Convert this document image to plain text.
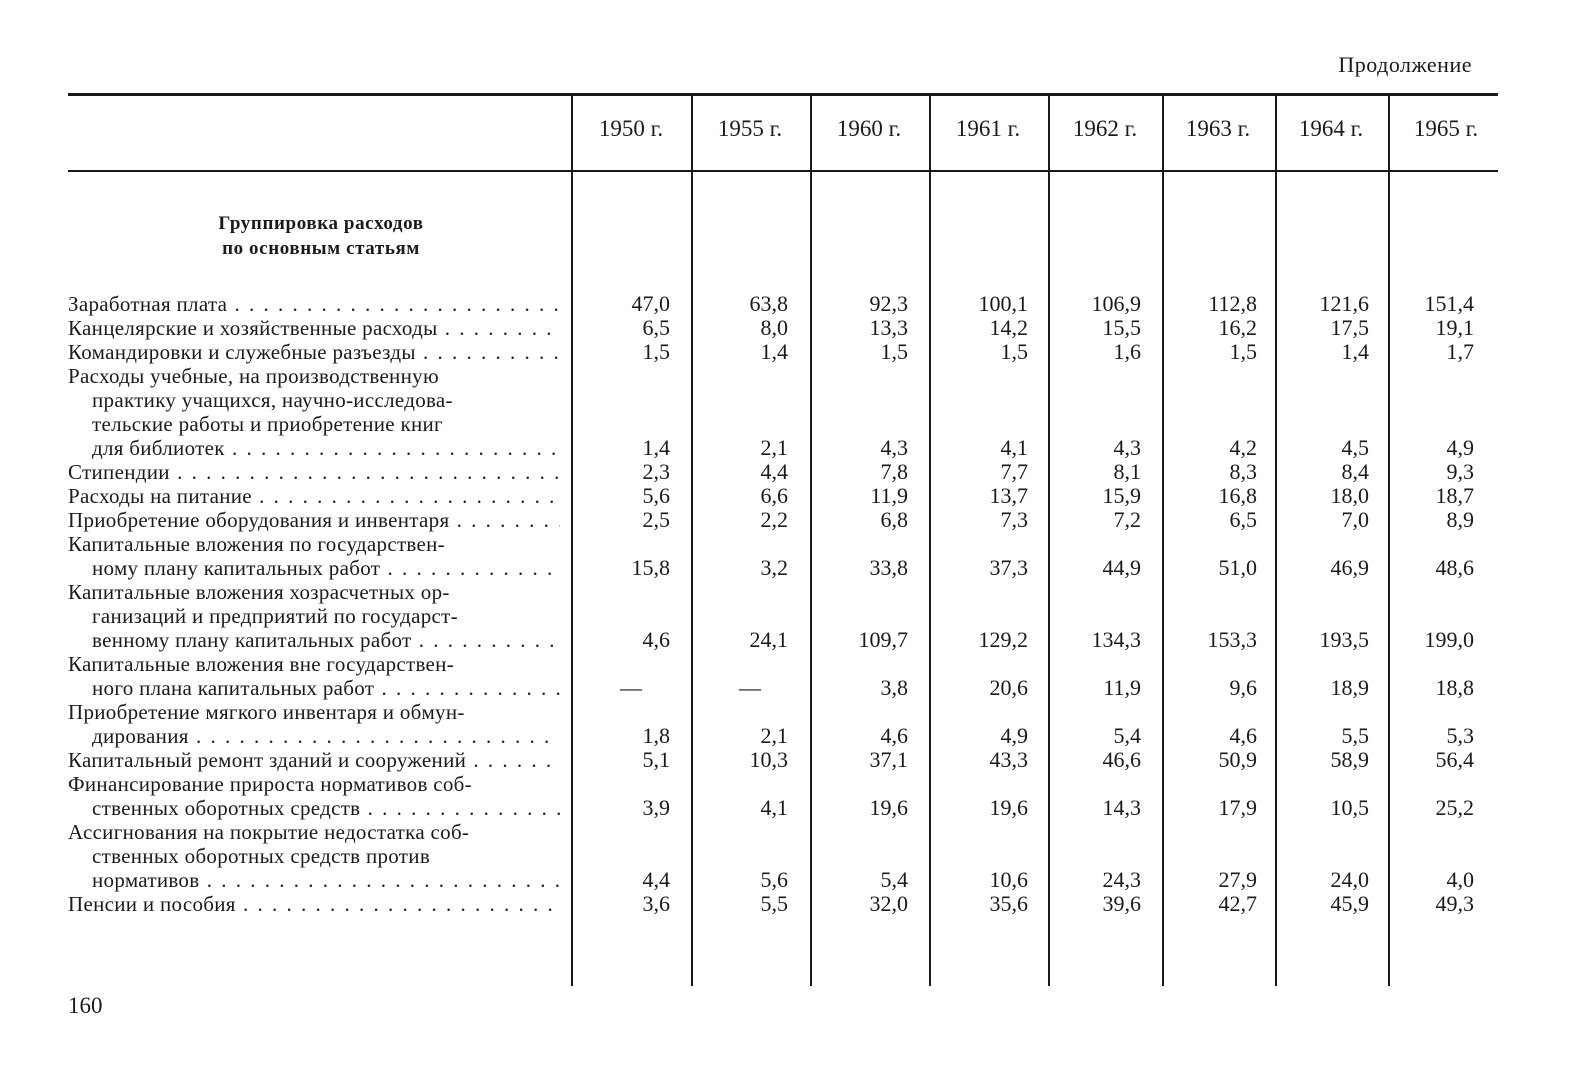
Продолжение
1950 г.	1955 г.	1960 г.	1961 г.	1962 г.	1963 г.	1964 г.	1965 г.
Группировка расходов
по основным статьям
Заработная плата . . .	47,0	63,8	92,3	100,1	106,9	112,8	121,6	151,4
Канцелярские и хозяйственные расходы . . .	6,5	8,0	13,3	14,2	15,5	16,2	17,5	19,1
Командировки и служебные разъезды . . .	1,5	1,4	1,5	1,5	1,6	1,5	1,4	1,7
Расходы учебные, на производственную
практику учащихся, научно-исследова-
тельские работы и приобретение книг
для библиотек . . .	1,4	2,1	4,3	4,1	4,3	4,2	4,5	4,9
Стипендии . . .	2,3	4,4	7,8	7,7	8,1	8,3	8,4	9,3
Расходы на питание . . .	5,6	6,6	11,9	13,7	15,9	16,8	18,0	18,7
Приобретение оборудования и инвентаря . . .	2,5	2,2	6,8	7,3	7,2	6,5	7,0	8,9
Капитальные вложения по государствен-
ному плану капитальных работ . . .	15,8	3,2	33,8	37,3	44,9	51,0	46,9	48,6
Капитальные вложения хозрасчетных ор-
ганизаций и предприятий по государст-
венному плану капитальных работ . . .	4,6	24,1	109,7	129,2	134,3	153,3	193,5	199,0
Капитальные вложения вне государствен-
ного плана капитальных работ . . .	—	—	3,8	20,6	11,9	9,6	18,9	18,8
Приобретение мягкого инвентаря и обмун-
дирования . . .	1,8	2,1	4,6	4,9	5,4	4,6	5,5	5,3
Капитальный ремонт зданий и сооружений . . .	5,1	10,3	37,1	43,3	46,6	50,9	58,9	56,4
Финансирование прироста нормативов соб-
ственных оборотных средств . . .	3,9	4,1	19,6	19,6	14,3	17,9	10,5	25,2
Ассигнования на покрытие недостатка соб-
ственных оборотных средств против
нормативов . . .	4,4	5,6	5,4	10,6	24,3	27,9	24,0	4,0
Пенсии и пособия . . .	3,6	5,5	32,0	35,6	39,6	42,7	45,9	49,3
160
